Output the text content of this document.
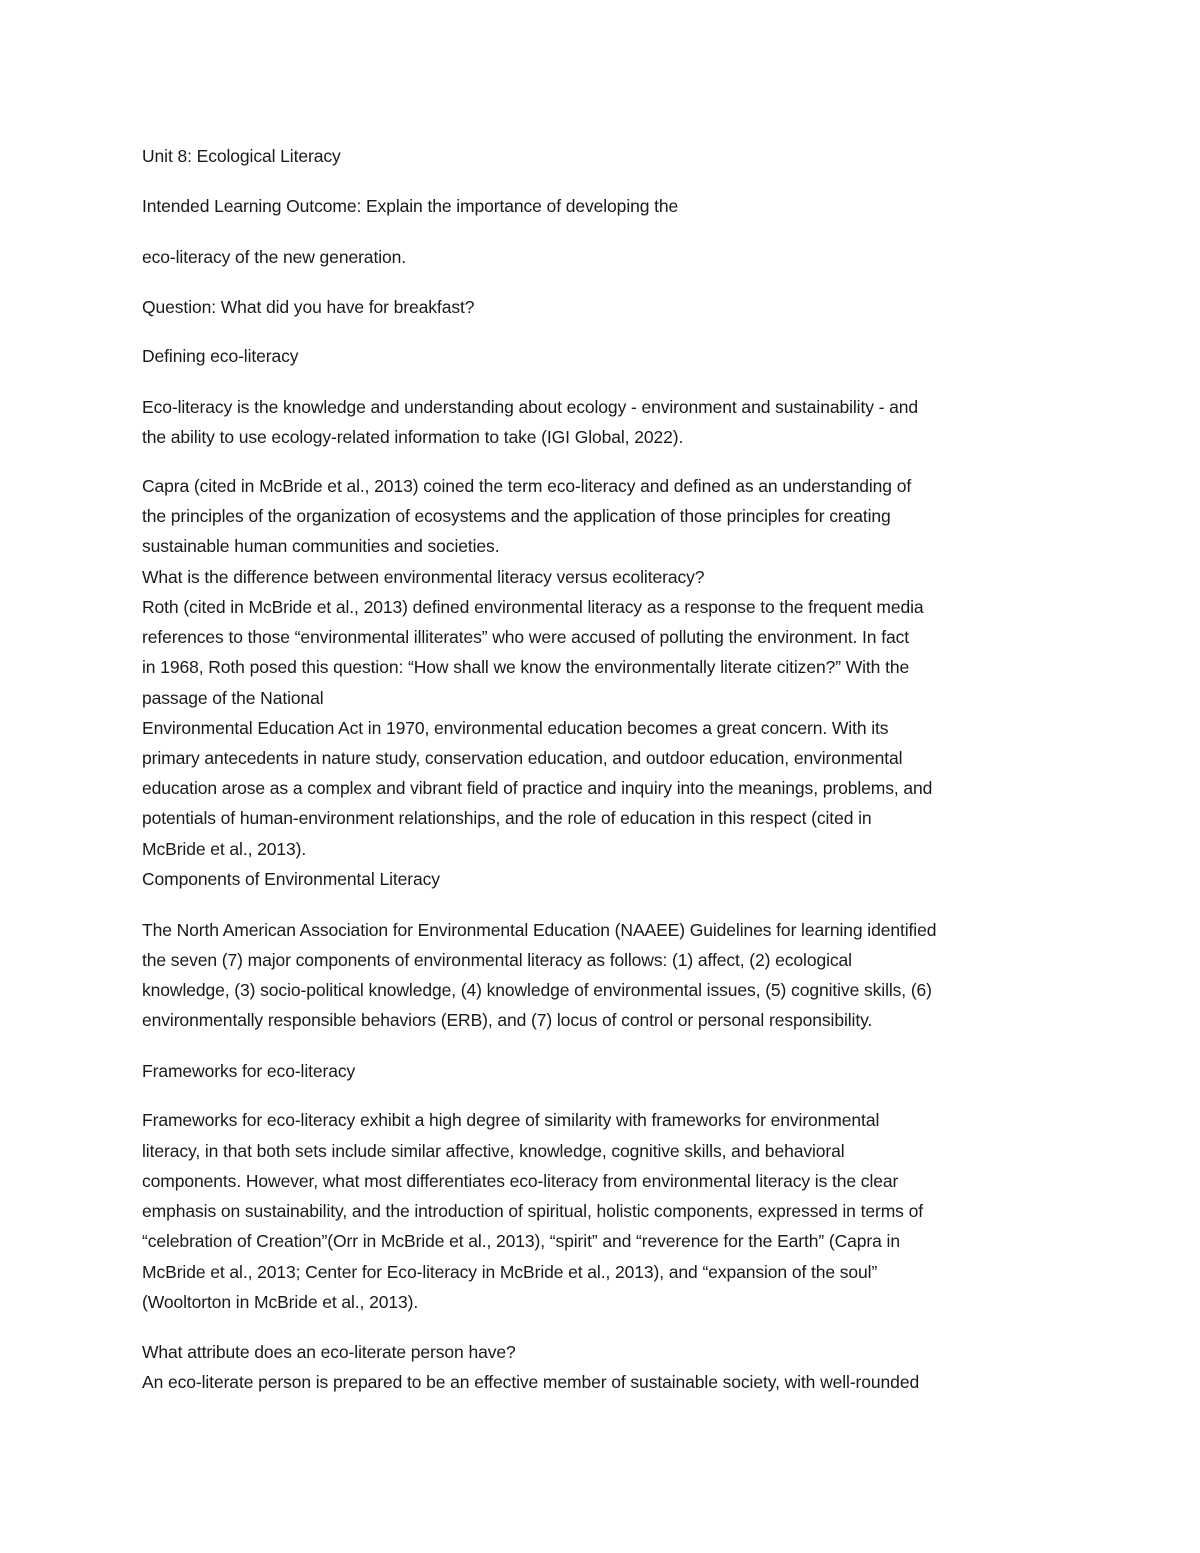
Unit 8: Ecological Literacy
Intended Learning Outcome: Explain the importance of developing the
eco-literacy of the new generation.
Question: What did you have for breakfast?
Defining eco-literacy
Eco-literacy is the knowledge and understanding about ecology - environment and sustainability - and
the ability to use ecology-related information to take (IGI Global, 2022).
Capra (cited in McBride et al., 2013) coined the term eco-literacy and defined as an understanding of
the principles of the organization of ecosystems and the application of those principles for creating
sustainable human communities and societies.
What is the difference between environmental literacy versus ecoliteracy?
Roth (cited in McBride et al., 2013) defined environmental literacy as a response to the frequent media
references to those “environmental illiterates” who were accused of polluting the environment. In fact
in 1968, Roth posed this question: “How shall we know the environmentally literate citizen?” With the
passage of the National
Environmental Education Act in 1970, environmental education becomes a great concern. With its
primary antecedents in nature study, conservation education, and outdoor education, environmental
education arose as a complex and vibrant field of practice and inquiry into the meanings, problems, and
potentials of human-environment relationships, and the role of education in this respect (cited in
McBride et al., 2013).
Components of Environmental Literacy
The North American Association for Environmental Education (NAAEE) Guidelines for learning identified
the seven (7) major components of environmental literacy as follows: (1) affect, (2) ecological
knowledge, (3) socio-political knowledge, (4) knowledge of environmental issues, (5) cognitive skills, (6)
environmentally responsible behaviors (ERB), and (7) locus of control or personal responsibility.
Frameworks for eco-literacy
Frameworks for eco-literacy exhibit a high degree of similarity with frameworks for environmental
literacy, in that both sets include similar affective, knowledge, cognitive skills, and behavioral
components. However, what most differentiates eco-literacy from environmental literacy is the clear
emphasis on sustainability, and the introduction of spiritual, holistic components, expressed in terms of
“celebration of Creation”(Orr in McBride et al., 2013), “spirit” and “reverence for the Earth” (Capra in
McBride et al., 2013; Center for Eco-literacy in McBride et al., 2013), and “expansion of the soul”
(Wooltorton in McBride et al., 2013).
What attribute does an eco-literate person have?
An eco-literate person is prepared to be an effective member of sustainable society, with well-rounded
